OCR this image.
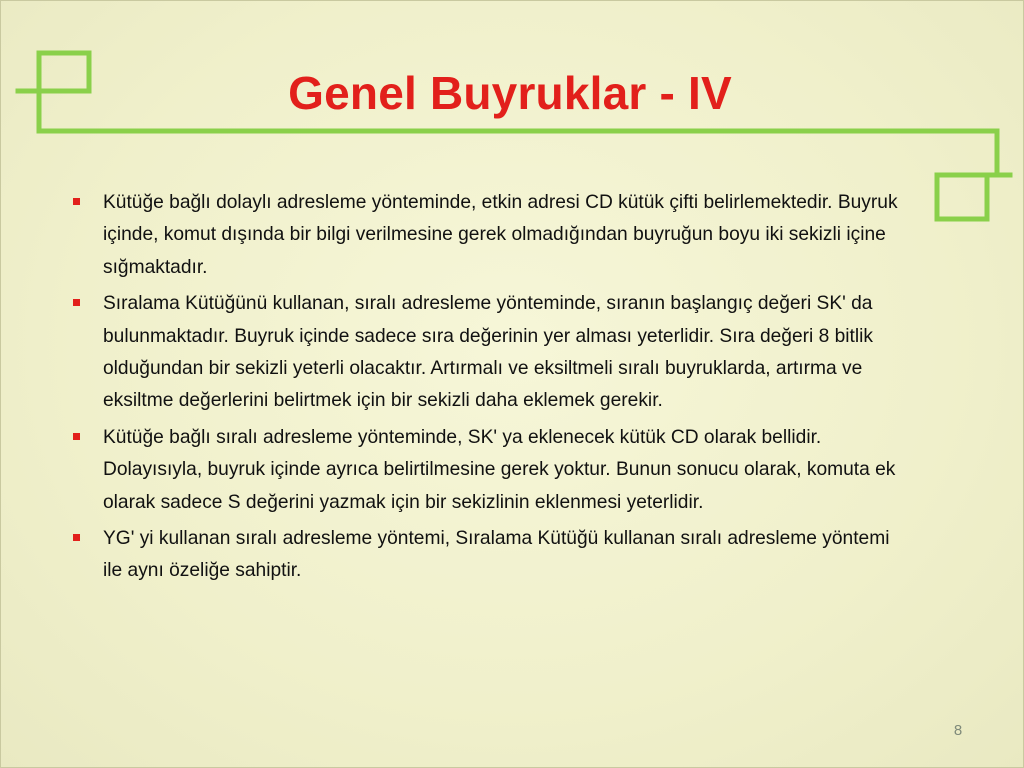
Genel Buyruklar - IV
Kütüğe bağlı dolaylı adresleme yönteminde, etkin adresi CD kütük çifti belirlemektedir. Buyruk içinde, komut dışında bir bilgi verilmesine gerek olmadığından buyruğun boyu iki sekizli içine sığmaktadır.
Sıralama Kütüğünü kullanan, sıralı adresleme yönteminde, sıranın başlangıç değeri SK' da bulunmaktadır. Buyruk içinde sadece sıra değerinin yer alması yeterlidir. Sıra değeri 8 bitlik olduğundan bir sekizli yeterli olacaktır. Artırmalı ve eksiltmeli sıralı buyruklarda, artırma ve eksiltme değerlerini belirtmek için bir sekizli daha eklemek gerekir.
Kütüğe bağlı sıralı adresleme yönteminde, SK' ya eklenecek kütük CD olarak bellidir. Dolayısıyla, buyruk içinde ayrıca belirtilmesine gerek yoktur. Bunun sonucu olarak, komuta ek olarak sadece S değerini yazmak için bir sekizlinin eklenmesi yeterlidir.
YG' yi kullanan sıralı adresleme yöntemi, Sıralama Kütüğü kullanan sıralı adresleme yöntemi ile aynı özeliğe sahiptir.
8
